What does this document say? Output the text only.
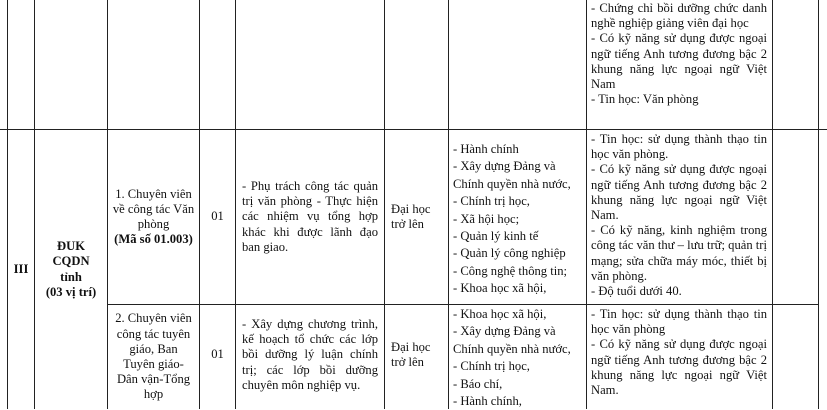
- Chứng chỉ bồi dưỡng chức danh nghề nghiệp giảng viên đại học
- Có kỹ năng sử dụng được ngoại ngữ tiếng Anh tương đương bậc 2 khung năng lực ngoại ngữ Việt Nam
- Tin học: Văn phòng
III
ĐUK
CQDN
tỉnh
(03 vị trí)
1. Chuyên viên
về công tác Văn
phòng
(Mã số 01.003)
01
- Phụ trách công tác quản trị văn phòng - Thực hiện các nhiệm vụ tổng hợp khác khi được lãnh đạo ban giao.
Đại học
trở lên
- Hành chính
- Xây dựng Đảng và Chính quyền nhà nước,
- Chính trị học,
- Xã hội học;
- Quản lý kinh tế
- Quản lý công nghiệp
- Công nghệ thông tin;
- Khoa học xã hội,
- Tin học: sử dụng thành thạo tin học văn phòng.
- Có kỹ năng sử dụng được ngoại ngữ tiếng Anh tương đương bậc 2 khung năng lực ngoại ngữ Việt Nam.
- Có kỹ năng, kinh nghiệm trong công tác văn thư – lưu trữ; quản trị mạng; sửa chữa máy móc, thiết bị văn phòng.
- Độ tuổi dưới 40.
2. Chuyên viên
công tác tuyên
giáo, Ban
Tuyên giáo-
Dân vận-Tổng
hợp
01
- Xây dựng chương trình, kế hoạch tổ chức các lớp bồi dưỡng lý luận chính trị; các lớp bồi dưỡng chuyên môn nghiệp vụ.
Đại học
trở lên
- Khoa học xã hội,
- Xây dựng Đảng và Chính quyền nhà nước,
- Chính trị học,
- Báo chí,
- Hành chính,
- Tin học: sử dụng thành thạo tin học văn phòng
- Có kỹ năng sử dụng được ngoại ngữ tiếng Anh tương đương bậc 2 khung năng lực ngoại ngữ Việt Nam.
